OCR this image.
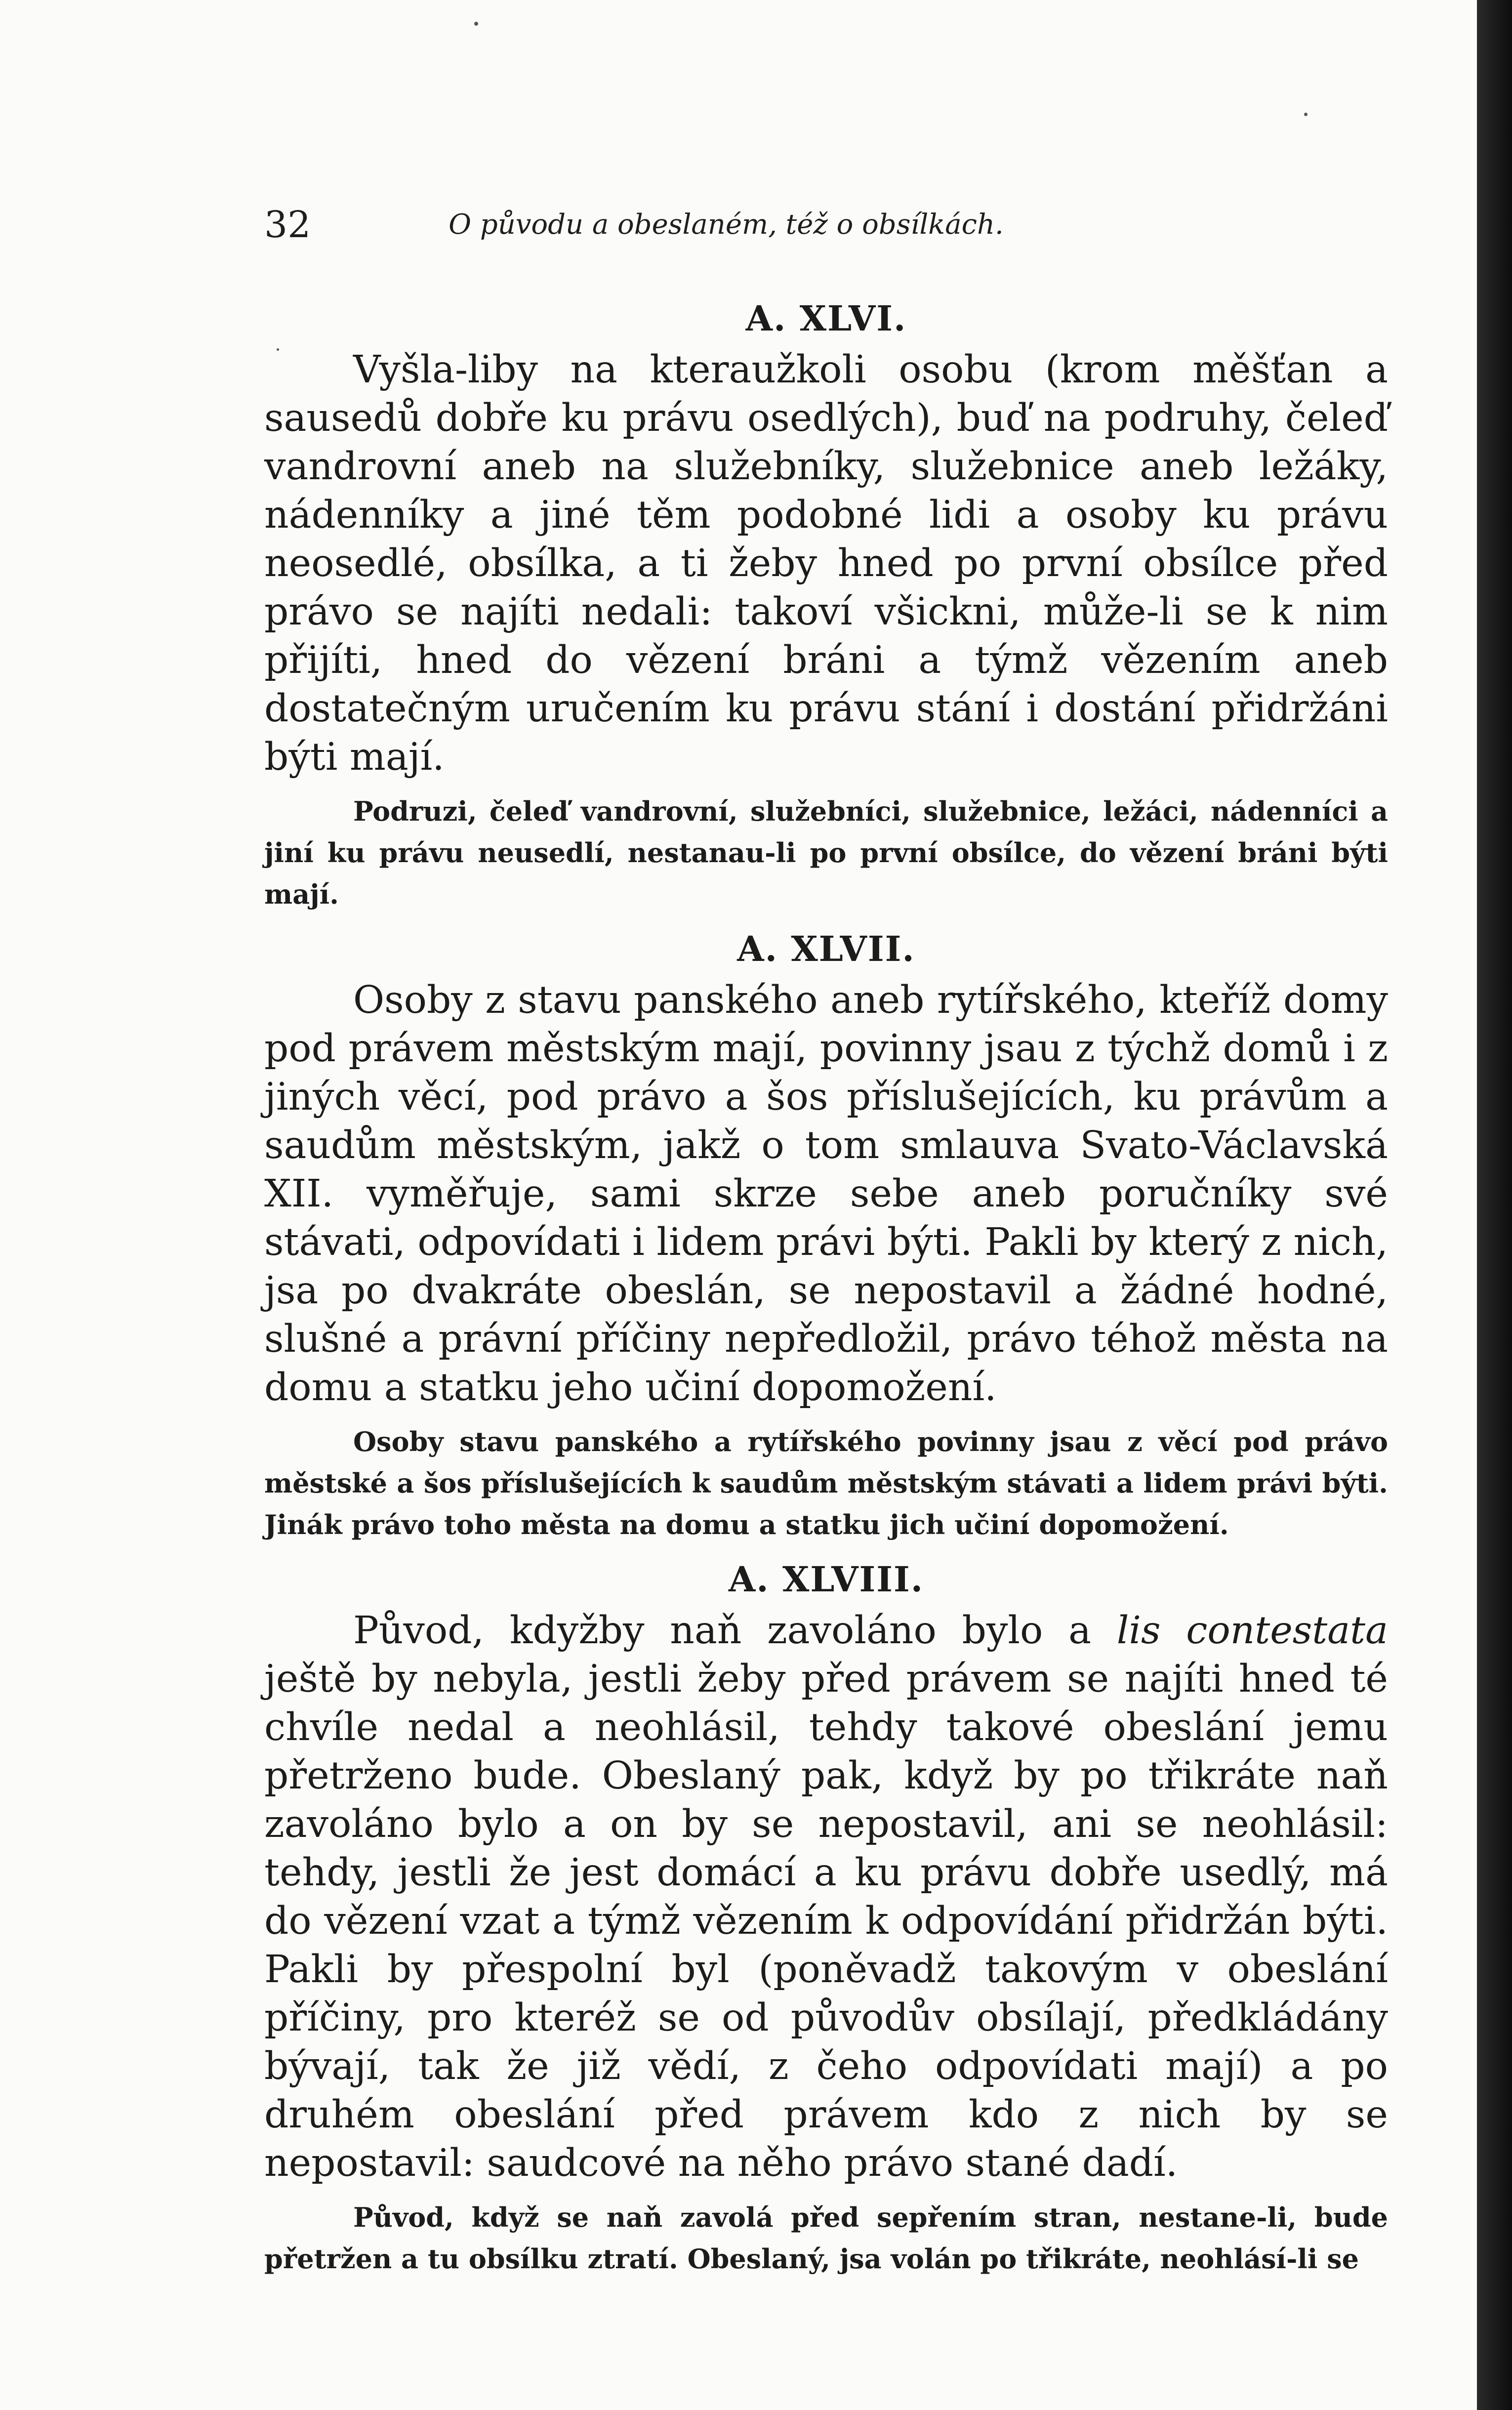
32	O původu a obeslaném, též o obsílkách.
A. XLVI.

Vyšla-liby na kteraužkoli osobu (krom měšťan a sausedů dobře ku právu osedlých), buď na podruhy, čeleď vandrovní aneb na služebníky, služebnice aneb ležáky, nádenníky a jiné těm podobné lidi a osoby ku právu neosedlé, obsílka, a ti žeby hned po první obsílce před právo se najíti nedali: takoví všickni, může-li se k nim přijíti, hned do vězení bráni a týmž vězením aneb dostatečným uručením ku právu stání i dostání přidržáni býti mají.

Podruzi, čeleď vandrovní, služebníci, služebnice, ležáci, nádenníci a jiní ku právu neusedlí, nestanau-li po první obsílce, do vězení bráni býti mají.

A. XLVII.

Osoby z stavu panského aneb rytířského, kteříž domy pod právem městským mají, povinny jsau z týchž domů i z jiných věcí, pod právo a šos příslušejících, ku právům a saudům městským, jakž o tom smlauva Svato-Václavská XII. vyměřuje, sami skrze sebe aneb poručníky své stávati, odpovídati i lidem právi býti. Pakli by který z nich, jsa po dvakráte obeslán, se nepostavil a žádné hodné, slušné a právní příčiny nepředložil, právo téhož města na domu a statku jeho učiní dopomožení.

Osoby stavu panského a rytířského povinny jsau z věcí pod právo městské a šos příslušejících k saudům městským stávati a lidem právi býti. Jinák právo toho města na domu a statku jich učiní dopomožení.

A. XLVIII.

Původ, kdyžby naň zavoláno bylo a lis contestata ještě by nebyla, jestli žeby před právem se najíti hned té chvíle nedal a neohlásil, tehdy takové obeslání jemu přetrženo bude. Obeslaný pak, když by po třikráte naň zavoláno bylo a on by se nepostavil, ani se neohlásil: tehdy, jestli že jest domácí a ku právu dobře usedlý, má do vězení vzat a týmž vězením k odpovídání přidržán býti. Pakli by přespolní byl (poněvadž takovým v obeslání příčiny, pro kteréž se od původův obsílají, předkládány bývají, tak že již vědí, z čeho odpovídati mají) a po druhém obeslání před právem kdo z nich by se nepostavil: saudcové na něho právo stané dadí.

Původ, když se naň zavolá před sepřením stran, nestane-li, bude přetržen a tu obsílku ztratí. Obeslaný, jsa volán po třikráte, neohlásí-li se
